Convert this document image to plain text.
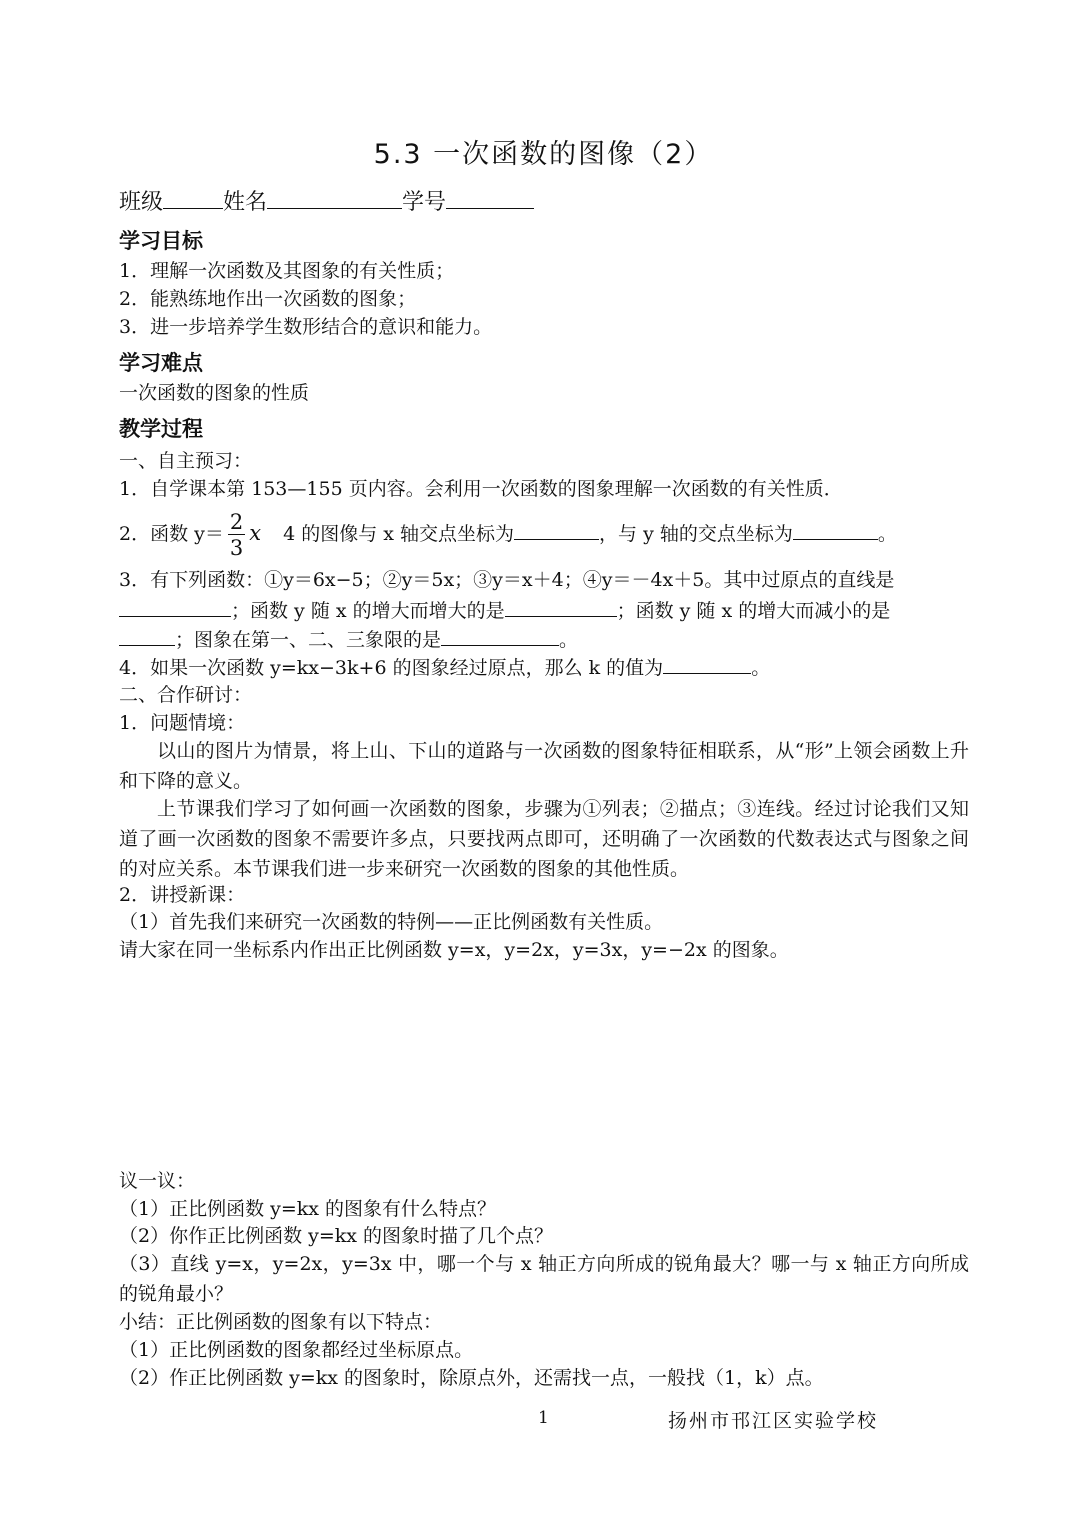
5.3 一次函数的图像（2）
班级	姓名	学号
学习目标
1．理解一次函数及其图象的有关性质；
2．能熟练地作出一次函数的图象；
3．进一步培养学生数形结合的意识和能力。
学习难点
一次函数的图象的性质
教学过程
一、自主预习：
1．自学课本第 153—155 页内容。会利用一次函数的图象理解一次函数的有关性质．
2．函数 $y= \frac{2}{3}$ x 4 的图像与 x 轴交点坐标为	，与 y 轴的交点坐标为	。
3．有下列函数：①y＝6x−5；②y＝5x；③y＝x＋4；④y＝－4x＋5。其中过原点的直线是
；函数 y 随 x 的增大而增大的是	；函数 y 随 x 的增大而减小的是
；图象在第一、二、三象限的是	。
4．如果一次函数 y=kx−3k+6 的图象经过原点，那么 k 的值为	。
二、合作研讨：
1．问题情境：
以山的图片为情景，将上山、下山的道路与一次函数的图象特征相联系，从“形”上领会函数上升和下降的意义。
上节课我们学习了如何画一次函数的图象，步骤为①列表；②描点；③连线。经过讨论我们又知道了画一次函数的图象不需要许多点，只要找两点即可，还明确了一次函数的代数表达式与图象之间的对应关系。本节课我们进一步来研究一次函数的图象的其他性质。
2．讲授新课：
（1）首先我们来研究一次函数的特例——正比例函数有关性质。
请大家在同一坐标系内作出正比例函数 y=x，y=2x，y=3x，y=−2x 的图象。
议一议：
（1）正比例函数 y=kx 的图象有什么特点？
（2）你作正比例函数 y=kx 的图象时描了几个点？
（3）直线 y=x，y=2x，y=3x 中，哪一个与 x 轴正方向所成的锐角最大？哪一与 x 轴正方向所成的锐角最小？
小结：正比例函数的图象有以下特点：
（1）正比例函数的图象都经过坐标原点。
（2）作正比例函数 y=kx 的图象时，除原点外，还需找一点，一般找（1，k）点。
1	扬州市邗江区实验学校
